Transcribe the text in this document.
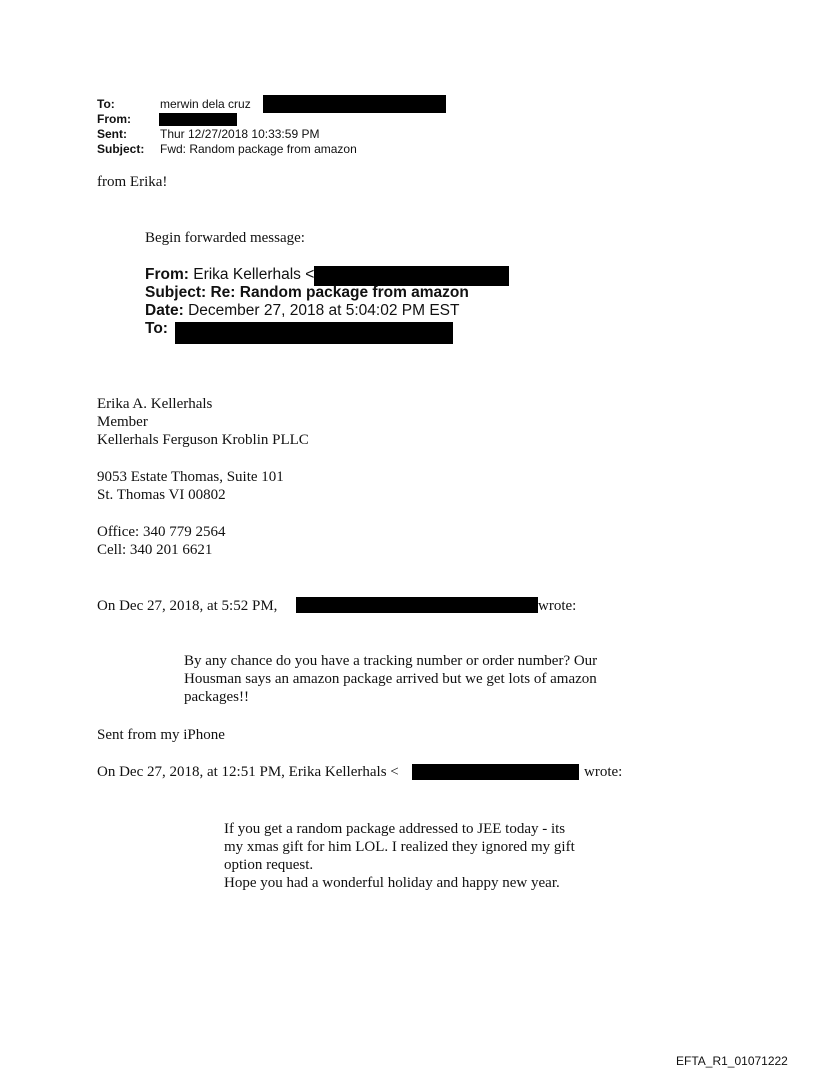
To:	merwin dela cruz
From:
Sent:	Thur 12/27/2018 10:33:59 PM
Subject: Fwd: Random package from amazon
from Erika!
Begin forwarded message:
From: Erika Kellerhals <
Subject: Re: Random package from amazon
Date: December 27, 2018 at 5:04:02 PM EST
To:
Erika A. Kellerhals
Member
Kellerhals Ferguson Kroblin PLLC
9053 Estate Thomas, Suite 101
St. Thomas VI 00802
Office: 340 779 2564
Cell: 340 201 6621
On Dec 27, 2018, at 5:52 PM,	wrote:
By any chance do you have a tracking number or order number? Our
Housman says an amazon package arrived but we get lots of amazon
packages!!
Sent from my iPhone
On Dec 27, 2018, at 12:51 PM, Erika Kellerhals <	wrote:
If you get a random package addressed to JEE today - its
my xmas gift for him LOL. I realized they ignored my gift
option request.
Hope you had a wonderful holiday and happy new year.
EFTA_R1_01071222
